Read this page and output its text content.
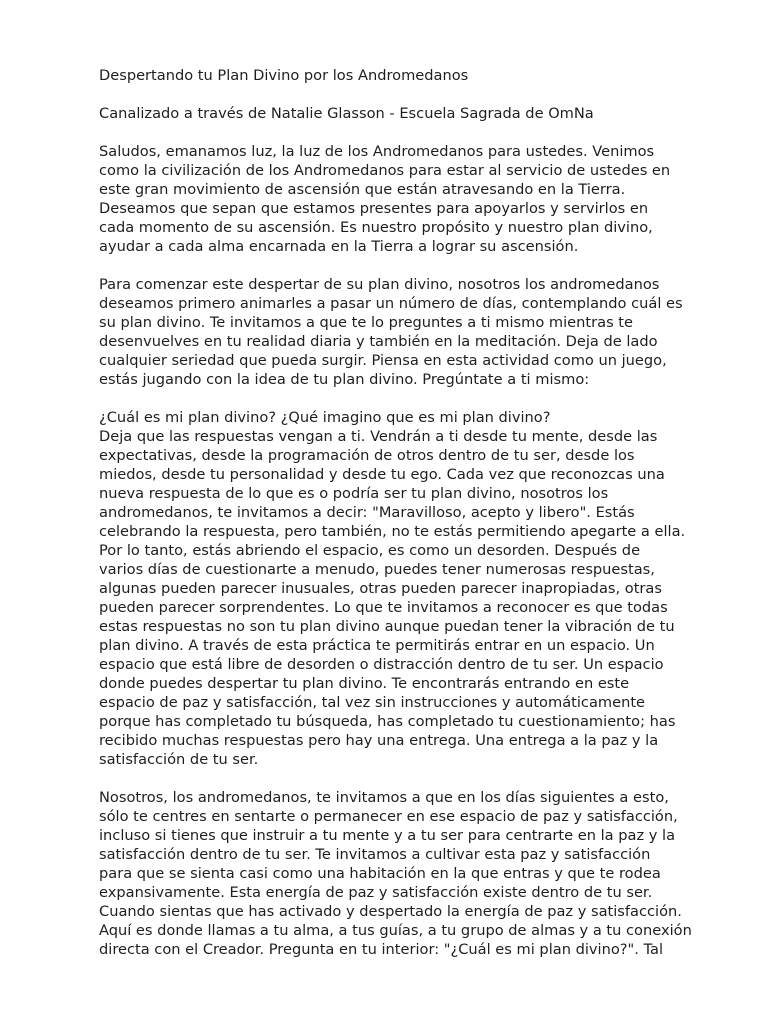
Despertando tu Plan Divino por los Andromedanos
Canalizado a través de Natalie Glasson - Escuela Sagrada de OmNa
Saludos, emanamos luz, la luz de los Andromedanos para ustedes. Venimos
como la civilización de los Andromedanos para estar al servicio de ustedes en
este gran movimiento de ascensión que están atravesando en la Tierra.
Deseamos que sepan que estamos presentes para apoyarlos y servirlos en
cada momento de su ascensión. Es nuestro propósito y nuestro plan divino,
ayudar a cada alma encarnada en la Tierra a lograr su ascensión.
Para comenzar este despertar de su plan divino, nosotros los andromedanos
deseamos primero animarles a pasar un número de días, contemplando cuál es
su plan divino. Te invitamos a que te lo preguntes a ti mismo mientras te
desenvuelves en tu realidad diaria y también en la meditación. Deja de lado
cualquier seriedad que pueda surgir. Piensa en esta actividad como un juego,
estás jugando con la idea de tu plan divino. Pregúntate a ti mismo:
¿Cuál es mi plan divino? ¿Qué imagino que es mi plan divino?
Deja que las respuestas vengan a ti. Vendrán a ti desde tu mente, desde las
expectativas, desde la programación de otros dentro de tu ser, desde los
miedos, desde tu personalidad y desde tu ego. Cada vez que reconozcas una
nueva respuesta de lo que es o podría ser tu plan divino, nosotros los
andromedanos, te invitamos a decir: "Maravilloso, acepto y libero". Estás
celebrando la respuesta, pero también, no te estás permitiendo apegarte a ella.
Por lo tanto, estás abriendo el espacio, es como un desorden. Después de
varios días de cuestionarte a menudo, puedes tener numerosas respuestas,
algunas pueden parecer inusuales, otras pueden parecer inapropiadas, otras
pueden parecer sorprendentes. Lo que te invitamos a reconocer es que todas
estas respuestas no son tu plan divino aunque puedan tener la vibración de tu
plan divino. A través de esta práctica te permitirás entrar en un espacio. Un
espacio que está libre de desorden o distracción dentro de tu ser. Un espacio
donde puedes despertar tu plan divino. Te encontrarás entrando en este
espacio de paz y satisfacción, tal vez sin instrucciones y automáticamente
porque has completado tu búsqueda, has completado tu cuestionamiento; has
recibido muchas respuestas pero hay una entrega. Una entrega a la paz y la
satisfacción de tu ser.
Nosotros, los andromedanos, te invitamos a que en los días siguientes a esto,
sólo te centres en sentarte o permanecer en ese espacio de paz y satisfacción,
incluso si tienes que instruir a tu mente y a tu ser para centrarte en la paz y la
satisfacción dentro de tu ser. Te invitamos a cultivar esta paz y satisfacción
para que se sienta casi como una habitación en la que entras y que te rodea
expansivamente. Esta energía de paz y satisfacción existe dentro de tu ser.
Cuando sientas que has activado y despertado la energía de paz y satisfacción.
Aquí es donde llamas a tu alma, a tus guías, a tu grupo de almas y a tu conexión
directa con el Creador. Pregunta en tu interior: "¿Cuál es mi plan divino?". Tal
